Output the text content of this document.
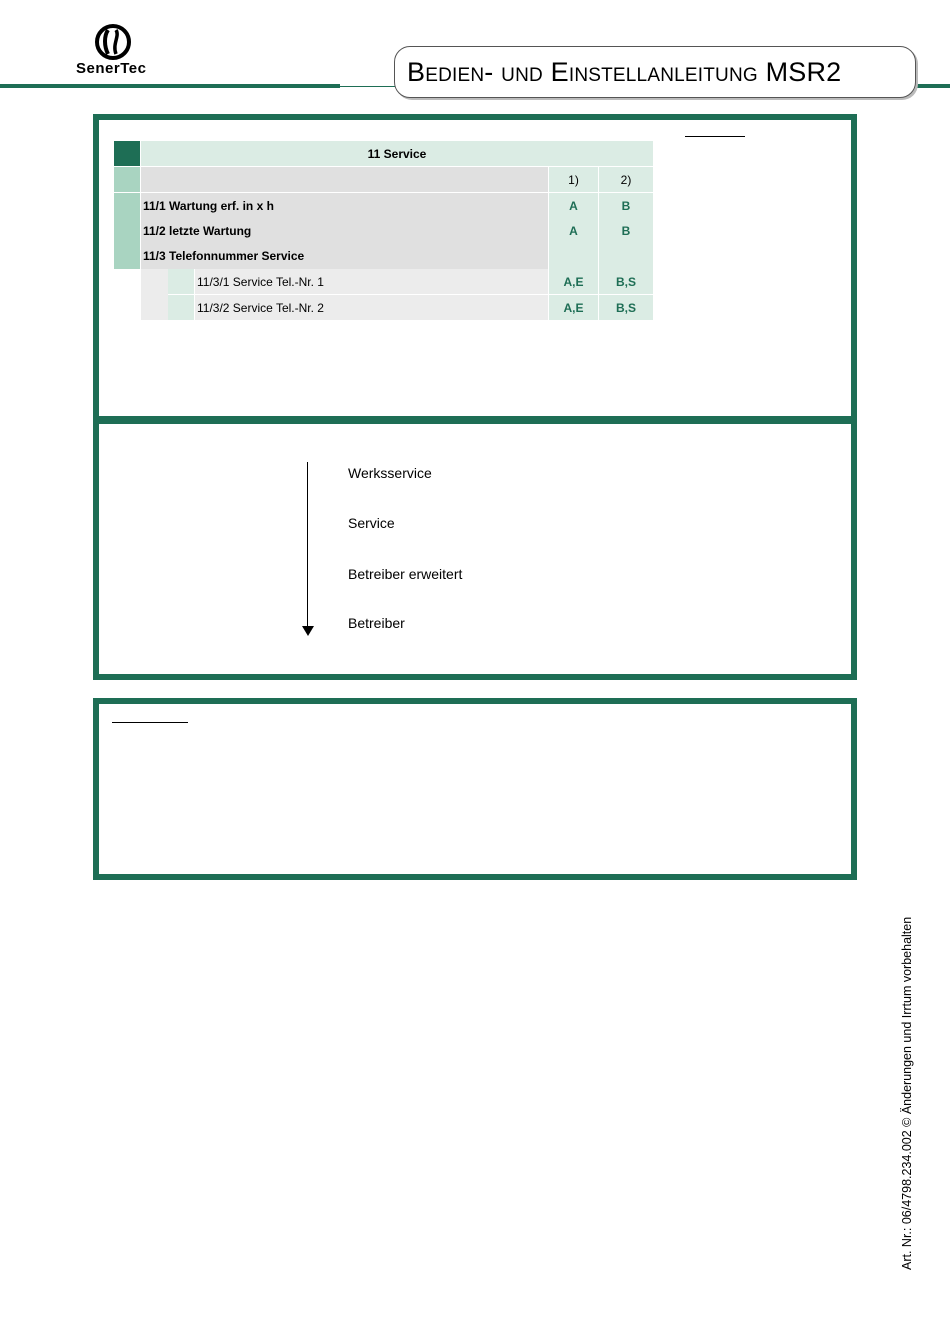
SenerTec	Bedien- und Einstellanleitung MSR2
11 Service
1)	2)
11/1 Wartung erf. in x h	A	B
11/2 letzte Wartung	A	B
11/3 Telefonnummer Service
11/3/1 Service Tel.-Nr. 1	A,E	B,S
11/3/2 Service Tel.-Nr. 2	A,E	B,S
Werksservice
Service
Betreiber erweitert
Betreiber
Art. Nr.: 06/4798.234.002 © Änderungen und Irrtum vorbehalten
